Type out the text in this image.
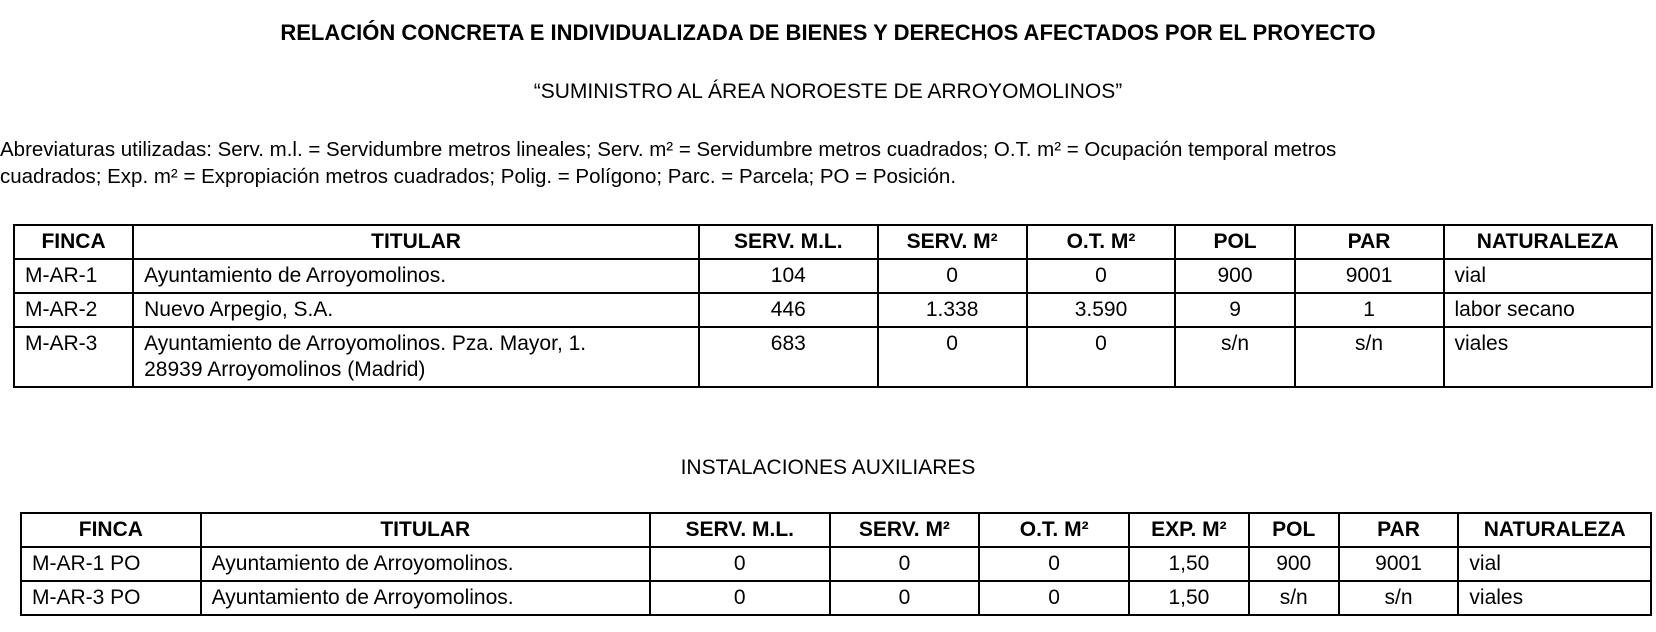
RELACIÓN CONCRETA E INDIVIDUALIZADA DE BIENES Y DERECHOS AFECTADOS POR EL PROYECTO
“SUMINISTRO AL ÁREA NOROESTE DE ARROYOMOLINOS”
Abreviaturas utilizadas: Serv. m.l. = Servidumbre metros lineales; Serv. m² = Servidumbre metros cuadrados; O.T. m² = Ocupación temporal metros
cuadrados; Exp. m² = Expropiación metros cuadrados; Polig. = Polígono; Parc. = Parcela; PO = Posición.
FINCA	TITULAR	SERV. M.L.	SERV. M²	O.T. M²	POL	PAR	NATURALEZA
M-AR-1	Ayuntamiento de Arroyomolinos.	104	0	0	900	9001	vial
M-AR-2	Nuevo Arpegio, S.A.	446	1.338	3.590	9	1	labor secano
M-AR-3	Ayuntamiento de Arroyomolinos. Pza. Mayor, 1.
28939 Arroyomolinos (Madrid)	683	0	0	s/n	s/n	viales
INSTALACIONES AUXILIARES
FINCA	TITULAR	SERV. M.L.	SERV. M²	O.T. M²	EXP. M²	POL	PAR	NATURALEZA
M-AR-1 PO	Ayuntamiento de Arroyomolinos.	0	0	0	1,50	900	9001	vial
M-AR-3 PO	Ayuntamiento de Arroyomolinos.	0	0	0	1,50	s/n	s/n	viales
